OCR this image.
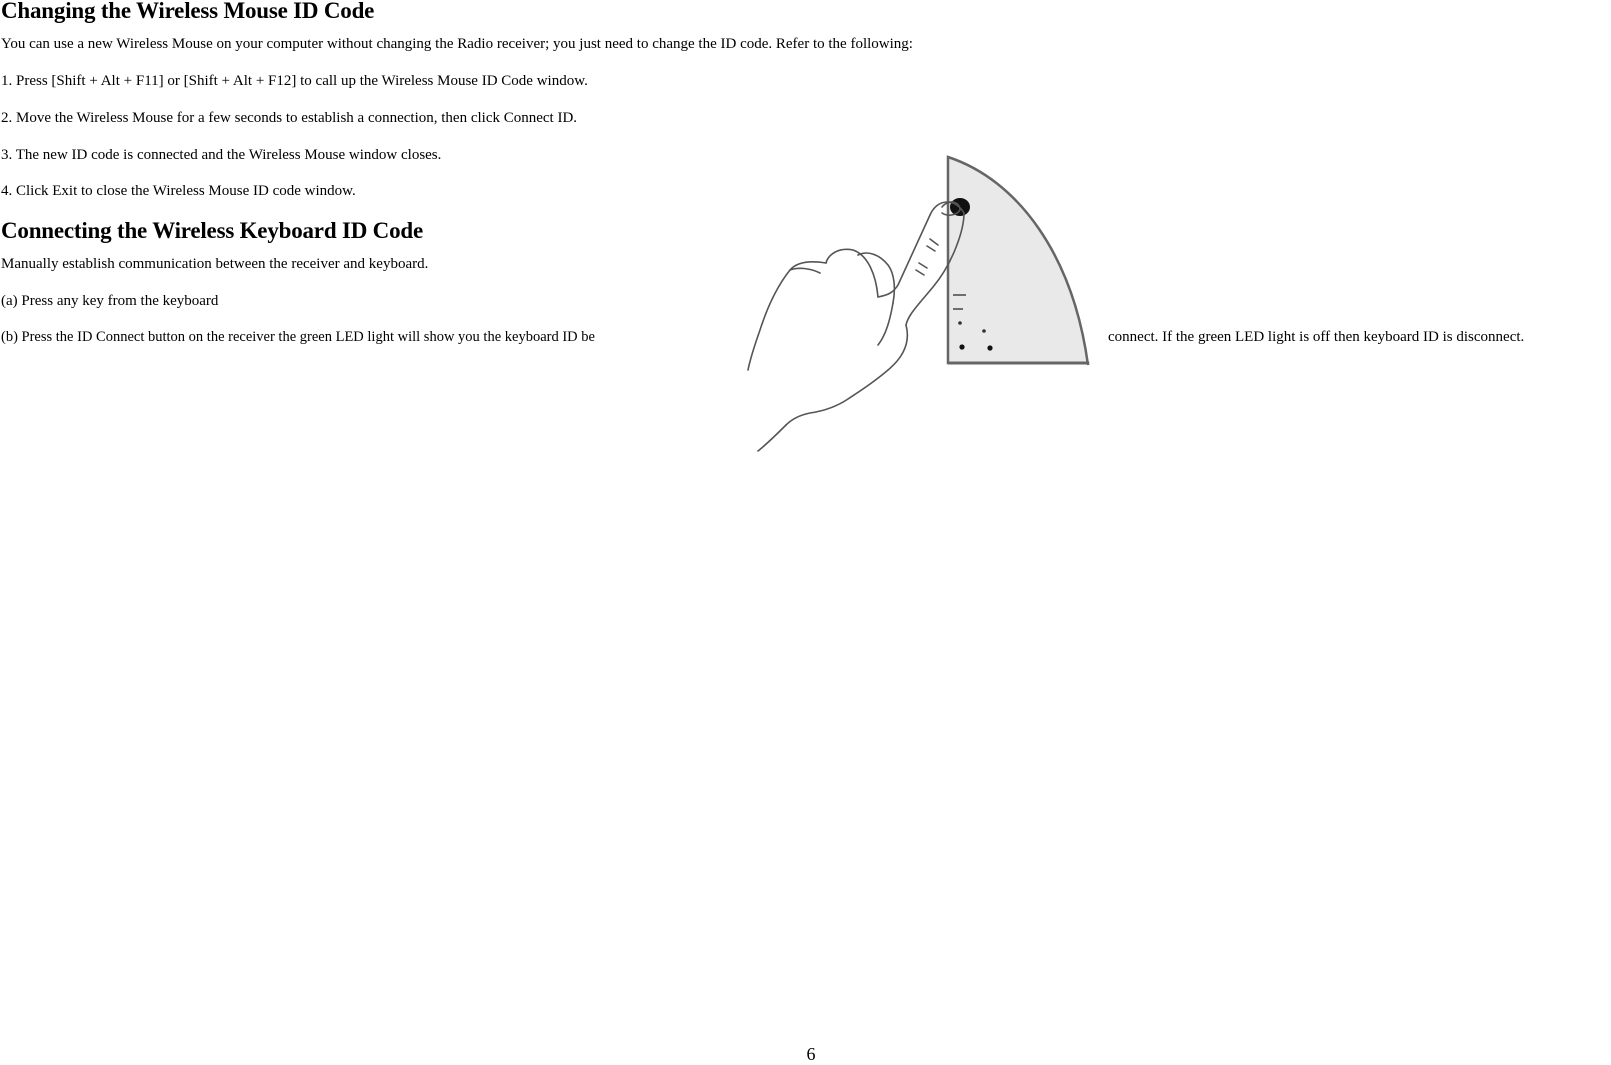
Changing the Wireless Mouse ID Code

You can use a new Wireless Mouse on your computer without changing the Radio receiver; you just need to change the ID code. Refer to the following:

1. Press [Shift + Alt + F11] or [Shift + Alt + F12] to call up the Wireless Mouse ID Code window.

2. Move the Wireless Mouse for a few seconds to establish a connection, then click Connect ID.

3. The new ID code is connected and the Wireless Mouse window closes.

4. Click Exit to close the Wireless Mouse ID code window.

Connecting the Wireless Keyboard ID Code

Manually establish communication between the receiver and keyboard.

(a) Press any key from the keyboard

(b) Press the ID Connect button on the receiver the green LED light will show you the keyboard ID be	connect. If the green LED light is off then keyboard ID is disconnect.

6
